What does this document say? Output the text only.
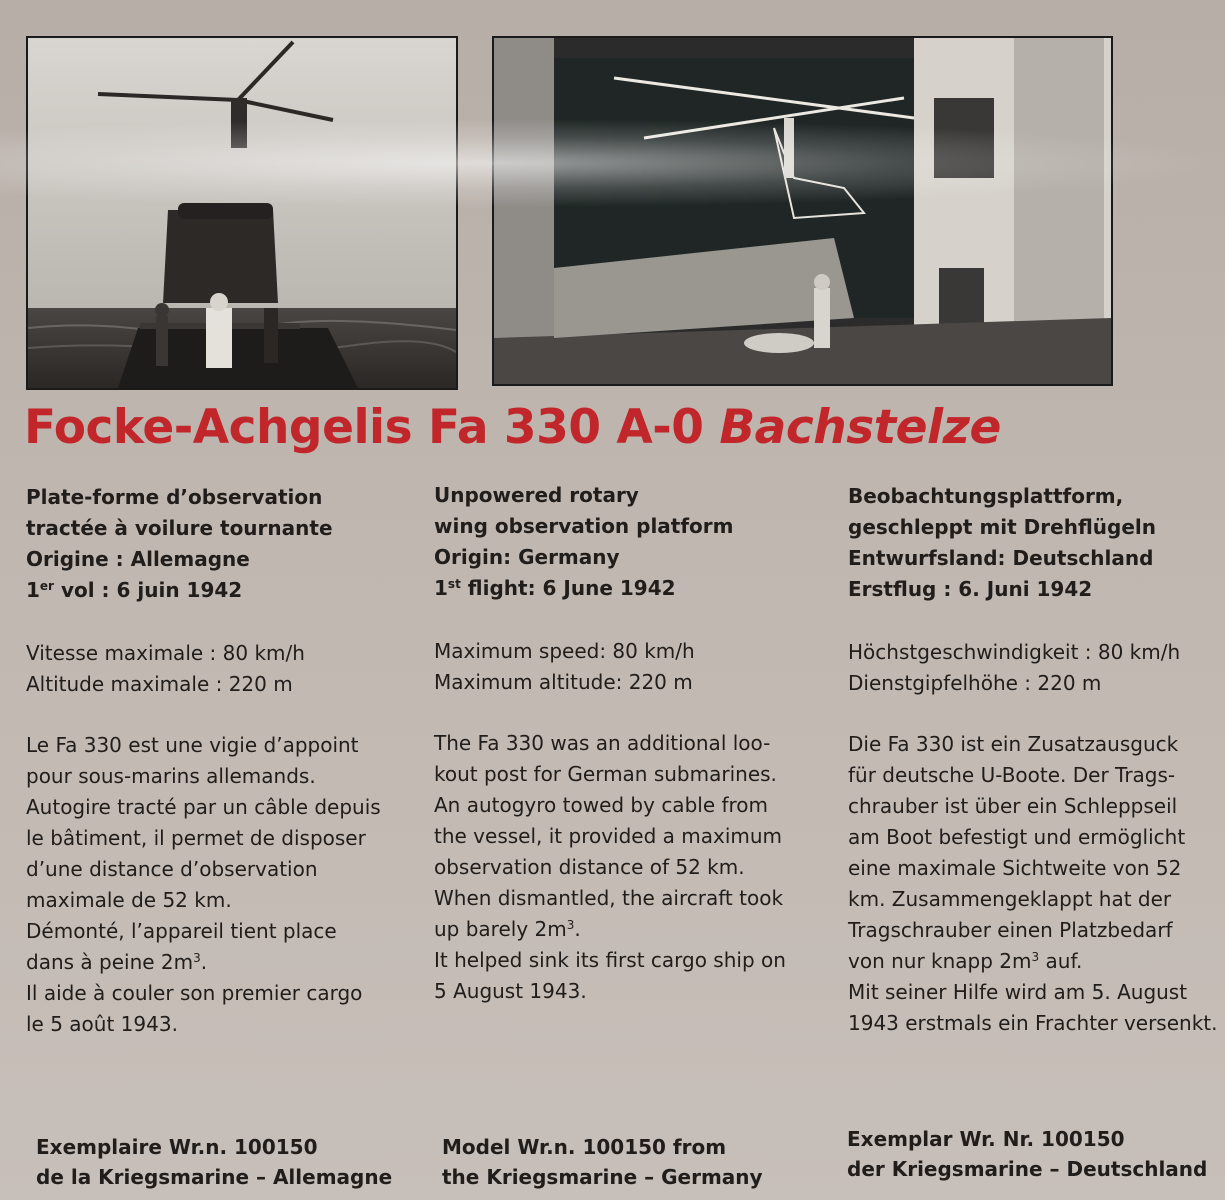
Focke-Achgelis Fa 330 A-0 Bachstelze

Plate-forme d’observation

tractée à voilure tournante

Origine : Allemagne

1er vol : 6 juin 1942

Vitesse maximale : 80 km/h

Altitude maximale : 220 m

Le Fa 330 est une vigie d’appoint

pour sous-marins allemands.

Autogire tracté par un câble depuis

le bâtiment, il permet de disposer

d’une distance d’observation

maximale de 52 km.

Démonté, l’appareil tient place

dans à peine $2m^3$.

Il aide à couler son premier cargo

le 5 août 1943.

Unpowered rotary

wing observation platform

Origin: Germany

1st flight: 6 June 1942

Maximum speed: 80 km/h

Maximum altitude: 220 m

The Fa 330 was an additional loo-

kout post for German submarines.

An autogyro towed by cable from

the vessel, it provided a maximum

observation distance of 52 km.

When dismantled, the aircraft took

up barely $2m^3$.

It helped sink its first cargo ship on

5 August 1943.

Beobachtungsplattform,

geschleppt mit Drehflügeln

Entwurfsland: Deutschland

Erstflug : 6. Juni 1942

Höchstgeschwindigkeit : 80 km/h

Dienstgipfelhöhe : 220 m

Die Fa 330 ist ein Zusatzausguck

für deutsche U-Boote. Der Trags-

chrauber ist über ein Schleppseil

am Boot befestigt und ermöglicht

eine maximale Sichtweite von 52

km. Zusammengeklappt hat der

Tragschrauber einen Platzbedarf

von nur knapp $2m^3$ auf.

Mit seiner Hilfe wird am 5. August

1943 erstmals ein Frachter versenkt.

Exemplaire Wr.n. 100150
de la Kriegsmarine – Allemagne
Model Wr.n. 100150 from
the Kriegsmarine – Germany
Exemplar Wr. Nr. 100150
der Kriegsmarine – Deutschland
